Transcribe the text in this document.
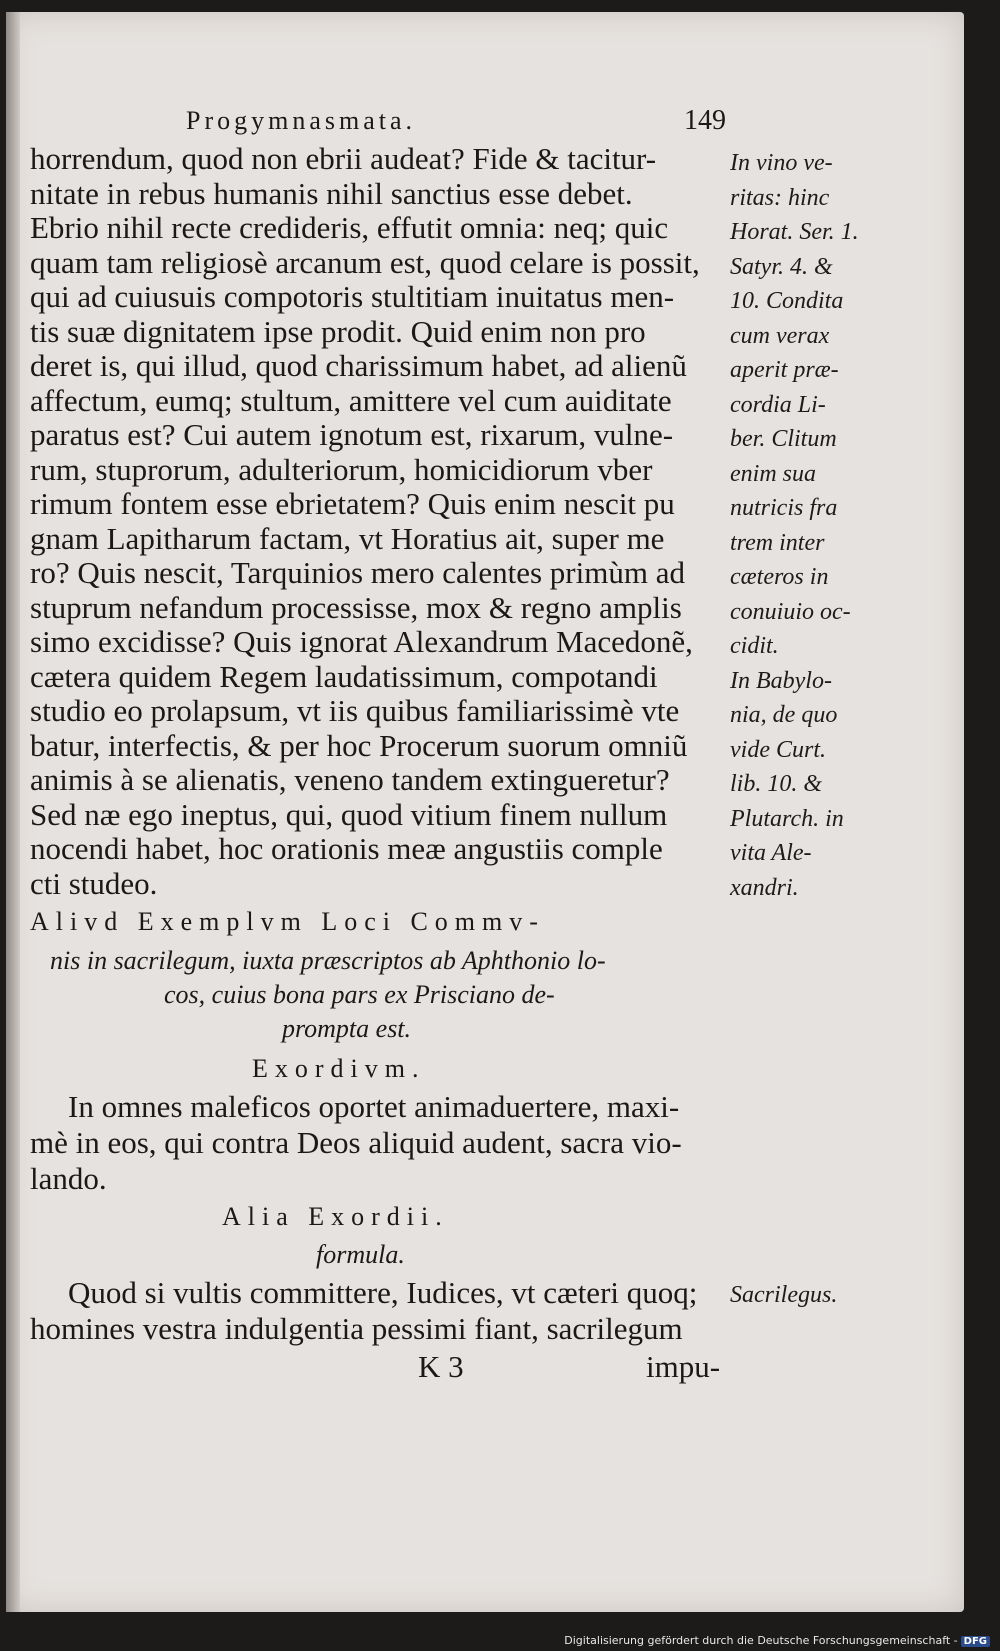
Progymnasmata.	149
horrendum, quod non ebrii audeat? Fide & tacitur-
nitate in rebus humanis nihil sanctius esse debet.
Ebrio nihil recte credideris, effutit omnia: neq; quic
quam tam religiosè arcanum est, quod celare is possit,
qui ad cuiusuis compotoris stultitiam inuitatus men-
tis suæ dignitatem ipse prodit. Quid enim non pro
deret is, qui illud, quod charissimum habet, ad alienũ
affectum, eumq; stultum, amittere vel cum auiditate
paratus est? Cui autem ignotum est, rixarum, vulne-
rum, stuprorum, adulteriorum, homicidiorum vber
rimum fontem esse ebrietatem? Quis enim nescit pu
gnam Lapitharum factam, vt Horatius ait, super me
ro? Quis nescit, Tarquinios mero calentes primùm ad
stuprum nefandum processisse, mox & regno amplis
simo excidisse? Quis ignorat Alexandrum Macedonẽ,
cætera quidem Regem laudatissimum, compotandi
studio eo prolapsum, vt iis quibus familiarissimè vte
batur, interfectis, & per hoc Procerum suorum omniũ
animis à se alienatis, veneno tandem extingueretur?
Sed næ ego ineptus, qui, quod vitium finem nullum
nocendi habet, hoc orationis meæ angustiis comple
cti studeo.
In vino ve-
ritas: hinc
Horat. Ser. 1.
Satyr. 4. &
10. Condita
cum verax
aperit præ-
cordia Li-
ber. Clitum
enim sua
nutricis fra
trem inter
cæteros in
conuiuio oc-
cidit.
In Babylo-
nia, de quo
vide Curt.
lib. 10. &
Plutarch. in
vita Ale-
xandri.
Alivd Exemplvm Loci Commv-
nis in sacrilegum, iuxta præscriptos ab Aphthonio lo-
cos, cuius bona pars ex Prisciano de-
prompta est.
Exordivm.
In omnes maleficos oportet animaduertere, maxi-
mè in eos, qui contra Deos aliquid audent, sacra vio-
lando.
Alia Exordii.
formula.
Quod si vultis committere, Iudices, vt cæteri quoq;
homines vestra indulgentia pessimi fiant, sacrilegum
Sacrilegus.
K 3	impu-
Digitalisierung gefördert durch die Deutsche Forschungsgemeinschaft - DFG
